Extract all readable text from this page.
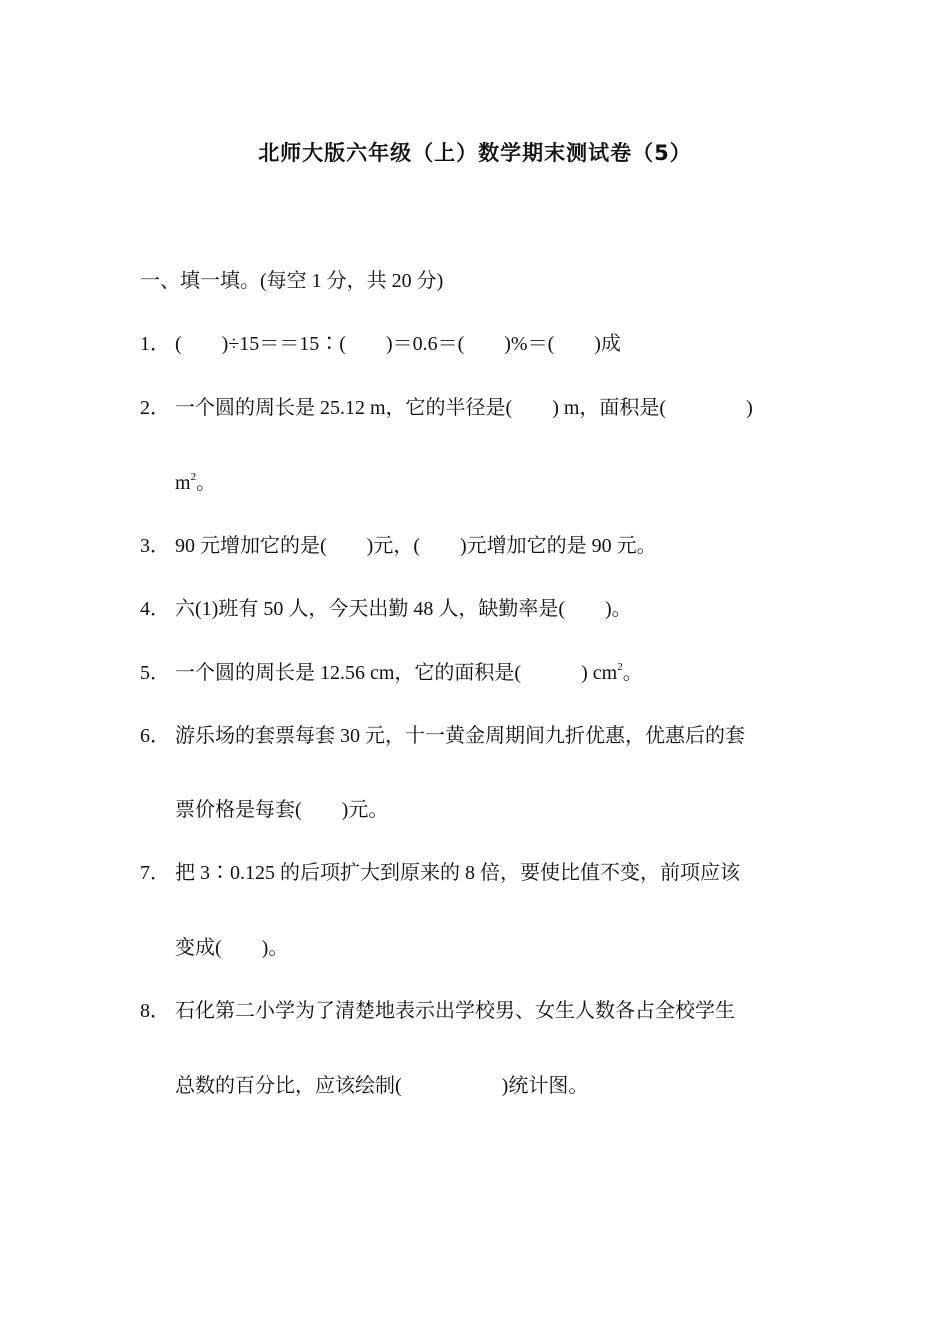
北师大版六年级（上）数学期末测试卷（5）
一、填一填。(每空 1 分，共 20 分)
1． (　　)÷15＝＝15∶(　　)＝0.6＝(　　)%＝(　　)成
2． 一个圆的周长是 25.12 m，它的半径是(　　) m，面积是(　　　　)
$m^2$。
3． 90 元增加它的是(　　)元，(　　)元增加它的是 90 元。
4． 六(1)班有 50 人，今天出勤 48 人，缺勤率是(　　)。
5． 一个圆的周长是 12.56 cm，它的面积是(　　　) $cm^2$。
6． 游乐场的套票每套 30 元，十一黄金周期间九折优惠，优惠后的套
票价格是每套(　　)元。
7． 把 3∶0.125 的后项扩大到原来的 8 倍，要使比值不变，前项应该
变成(　　)。
8． 石化第二小学为了清楚地表示出学校男、女生人数各占全校学生
总数的百分比，应该绘制(　　　　　)统计图。
